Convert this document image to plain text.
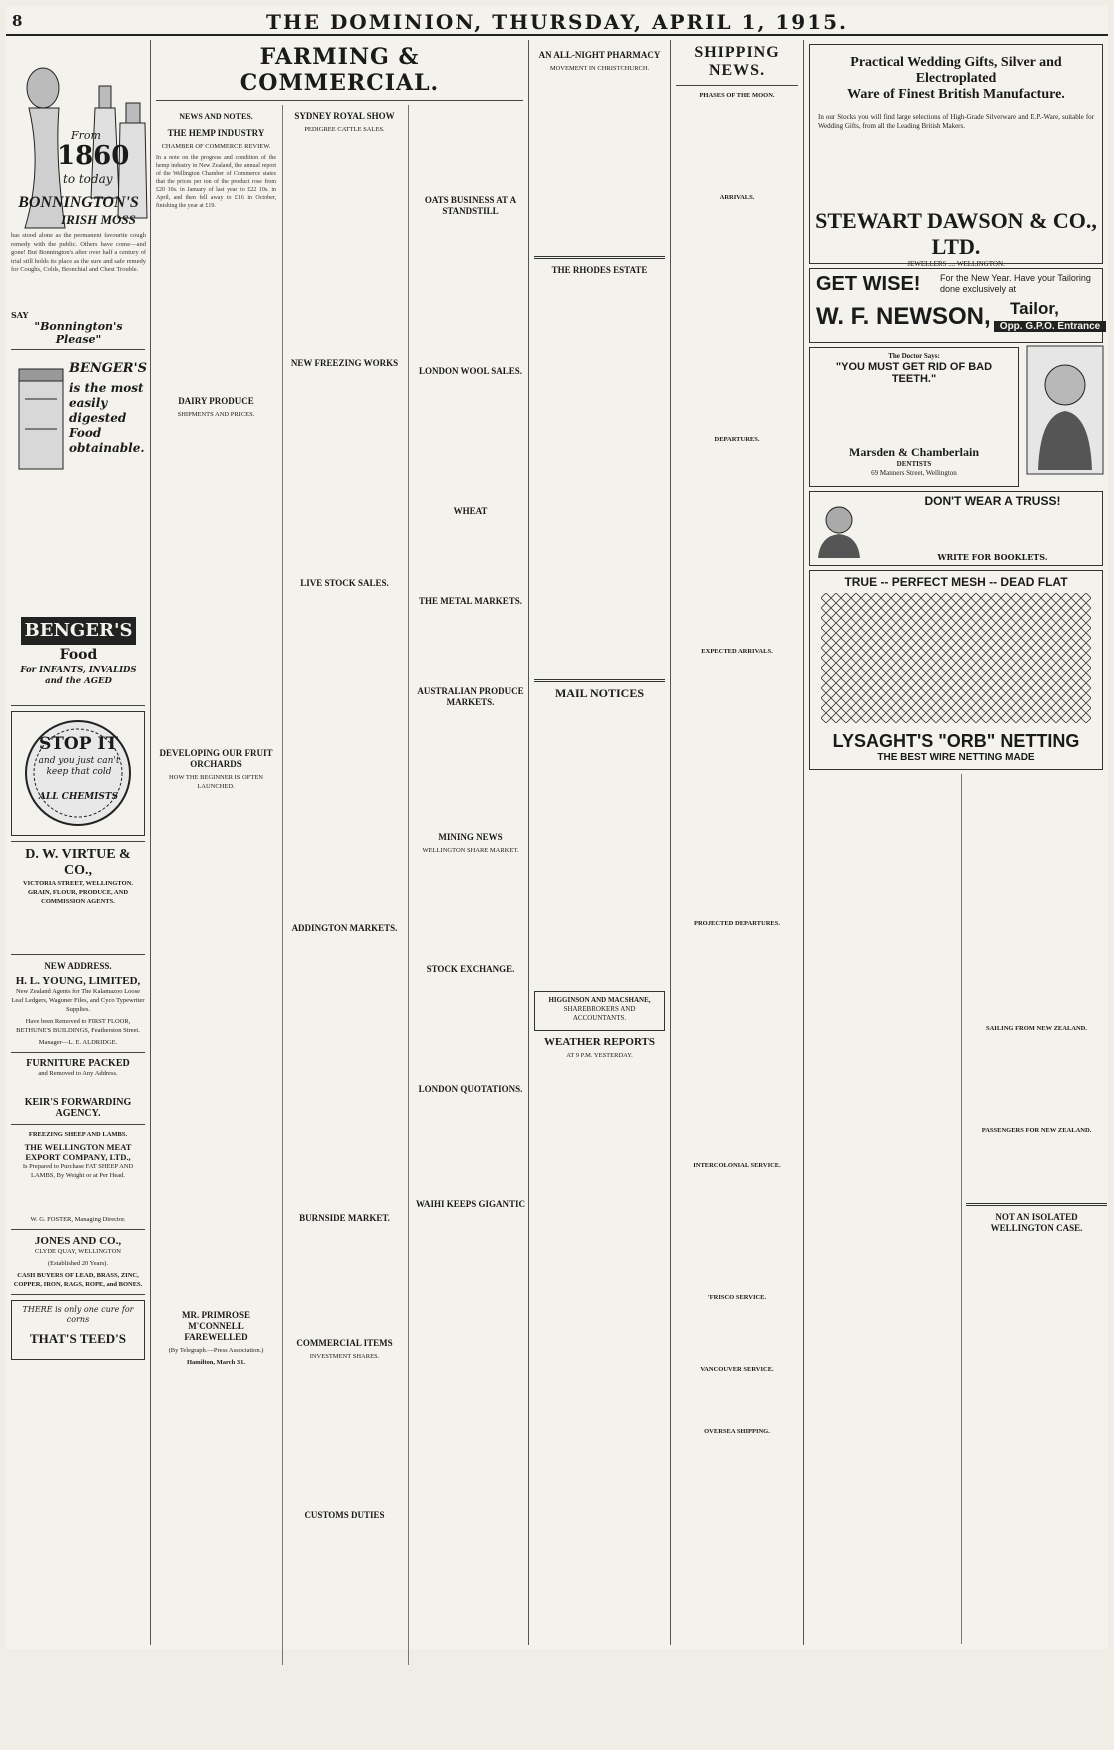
8	THE DOMINION, THURSDAY, APRIL 1, 1915.
From
1860
to today
BONNINGTON'S
IRISH MOSS
has stood alone as the permanent favourite cough remedy with the public. Others have come—and gone! But Bonnington's after over half a century of trial still holds its place as the sure and safe remedy for Coughs, Colds, Bronchial and Chest Trouble.
SAY
"Bonnington's Please"
BENGER'S
is the most easily digested Food obtainable.
BENGER'S
Food
For INFANTS, INVALIDS and the AGED
STOP IT
and you just can't keep that cold
ALL CHEMISTS
D. W. VIRTUE & CO.,
VICTORIA STREET, WELLINGTON. GRAIN, FLOUR, PRODUCE, AND COMMISSION AGENTS.
NEW ADDRESS.
H. L. YOUNG, LIMITED,
New Zealand Agents for The Kalamazoo Loose Leaf Ledgers, Wagoner Files, and Cyco Typewriter Supplies.
Have been Removed to FIRST FLOOR, BETHUNE'S BUILDINGS, Featherston Street.
Manager—L. E. ALDRIDGE.
FURNITURE PACKED
and Removed to Any Address.
KEIR'S FORWARDING AGENCY.
FREEZING SHEEP AND LAMBS.
THE WELLINGTON MEAT EXPORT COMPANY, LTD.,
Is Prepared to Purchase FAT SHEEP AND LAMBS, By Weight or at Per Head.
W. G. FOSTER, Managing Director.
JONES AND CO.,
CLYDE QUAY, WELLINGTON
(Established 20 Years).
CASH BUYERS OF LEAD, BRASS, ZINC, COPPER, IRON, RAGS, ROPE, and BONES.
THERE is only one cure for corns
THAT'S TEED'S
FARMING & COMMERCIAL.
NEWS AND NOTES.
THE HEMP INDUSTRY
CHAMBER OF COMMERCE REVIEW.
In a note on the progress and condition of the hemp industry in New Zealand, the annual report of the Wellington Chamber of Commerce states that the prices per ton of the product rose from £20 10s. in January of last year to £22 10s. in April, and then fell away to £16 in October, finishing the year at £19.
DAIRY PRODUCE
SHIPMENTS AND PRICES.
DEVELOPING OUR FRUIT ORCHARDS
HOW THE BEGINNER IS OFTEN LAUNCHED.
MR. PRIMROSE M'CONNELL FAREWELLED
(By Telegraph.—Press Association.)
Hamilton, March 31.
SYDNEY ROYAL SHOW
PEDIGREE CATTLE SALES.
NEW FREEZING WORKS
LIVE STOCK SALES.
ADDINGTON MARKETS.
BURNSIDE MARKET.
COMMERCIAL ITEMS
INVESTMENT SHARES.
CUSTOMS DUTIES
OATS BUSINESS AT A STANDSTILL
LONDON WOOL SALES.
WHEAT
THE METAL MARKETS.
AUSTRALIAN PRODUCE MARKETS.
MINING NEWS
WELLINGTON SHARE MARKET.
STOCK EXCHANGE.
LONDON QUOTATIONS.
WAIHI KEEPS GIGANTIC
AN ALL-NIGHT PHARMACY
MOVEMENT IN CHRISTCHURCH.
THE RHODES ESTATE
MAIL NOTICES
HIGGINSON AND MACSHANE,
SHAREBROKERS AND ACCOUNTANTS.
WEATHER REPORTS
AT 9 P.M. YESTERDAY.
SHIPPING NEWS.
PHASES OF THE MOON.
ARRIVALS.
DEPARTURES.
EXPECTED ARRIVALS.
PROJECTED DEPARTURES.
INTERCOLONIAL SERVICE.
'FRISCO SERVICE.
VANCOUVER SERVICE.
OVERSEA SHIPPING.
Practical Wedding Gifts, Silver and Electroplated
Ware of Finest British Manufacture.
In our Stocks you will find large selections of High-Grade Silverware and E.P.-Ware, suitable for Wedding Gifts, from all the Leading British Makers.
STEWART DAWSON & CO., LTD.
JEWELLERS .... WELLINGTON.
GET WISE! For the New Year. Have your Tailoring done exclusively at
W. F. NEWSON, Tailor,
Opp. G.P.O. Entrance
The Doctor Says:
"YOU MUST GET RID OF BAD TEETH."
Marsden & Chamberlain
DENTISTS
69 Manners Street, Wellington
DON'T WEAR A TRUSS!
WRITE FOR BOOKLETS.
TRUE -- PERFECT MESH -- DEAD FLAT
LYSAGHT'S "ORB" NETTING
THE BEST WIRE NETTING MADE
SAILING FROM NEW ZEALAND.
PASSENGERS FOR NEW ZEALAND.
NOT AN ISOLATED WELLINGTON CASE.
